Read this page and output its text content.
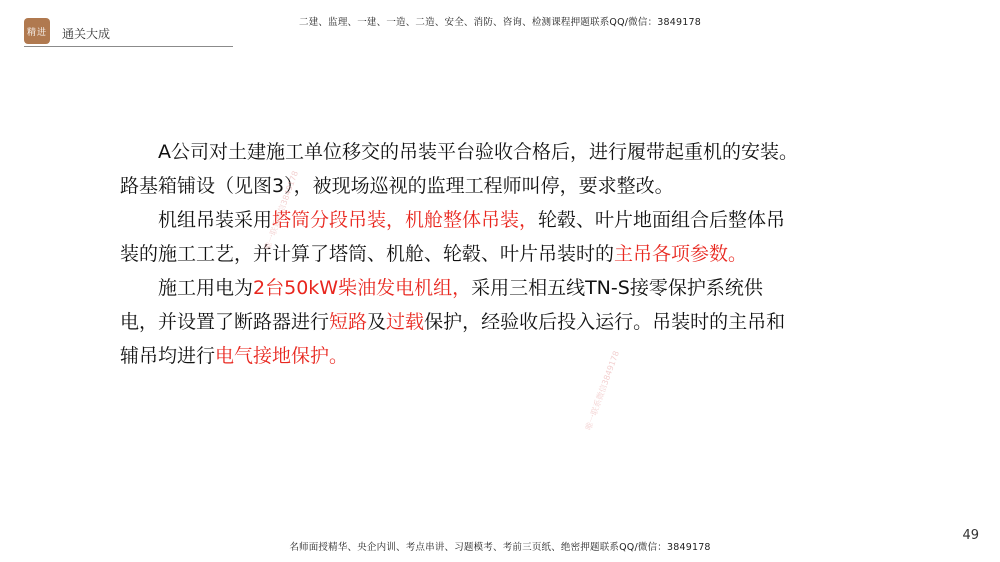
精进 通关大成
二建、监理、一建、一造、二造、安全、消防、咨询、检测课程押题联系QQ/微信：3849178

A公司对土建施工单位移交的吊装平台验收合格后，进行履带起重机的安装。路基箱铺设（见图3），被现场巡视的监理工程师叫停，要求整改。

机组吊装采用塔筒分段吊装，机舱整体吊装，轮毂、叶片地面组合后整体吊装的施工工艺，并计算了塔筒、机舱、轮毂、叶片吊装时的主吊各项参数。

施工用电为2台50kW柴油发电机组，采用三相五线TN-S接零保护系统供电，并设置了断路器进行短路及过载保护，经验收后投入运行。吊装时的主吊和辅吊均进行电气接地保护。

唯一联系微信3849178
唯一联系微信3849178
名师面授精华、央企内训、考点串讲、习题模考、考前三页纸、绝密押题联系QQ/微信：3849178
49
